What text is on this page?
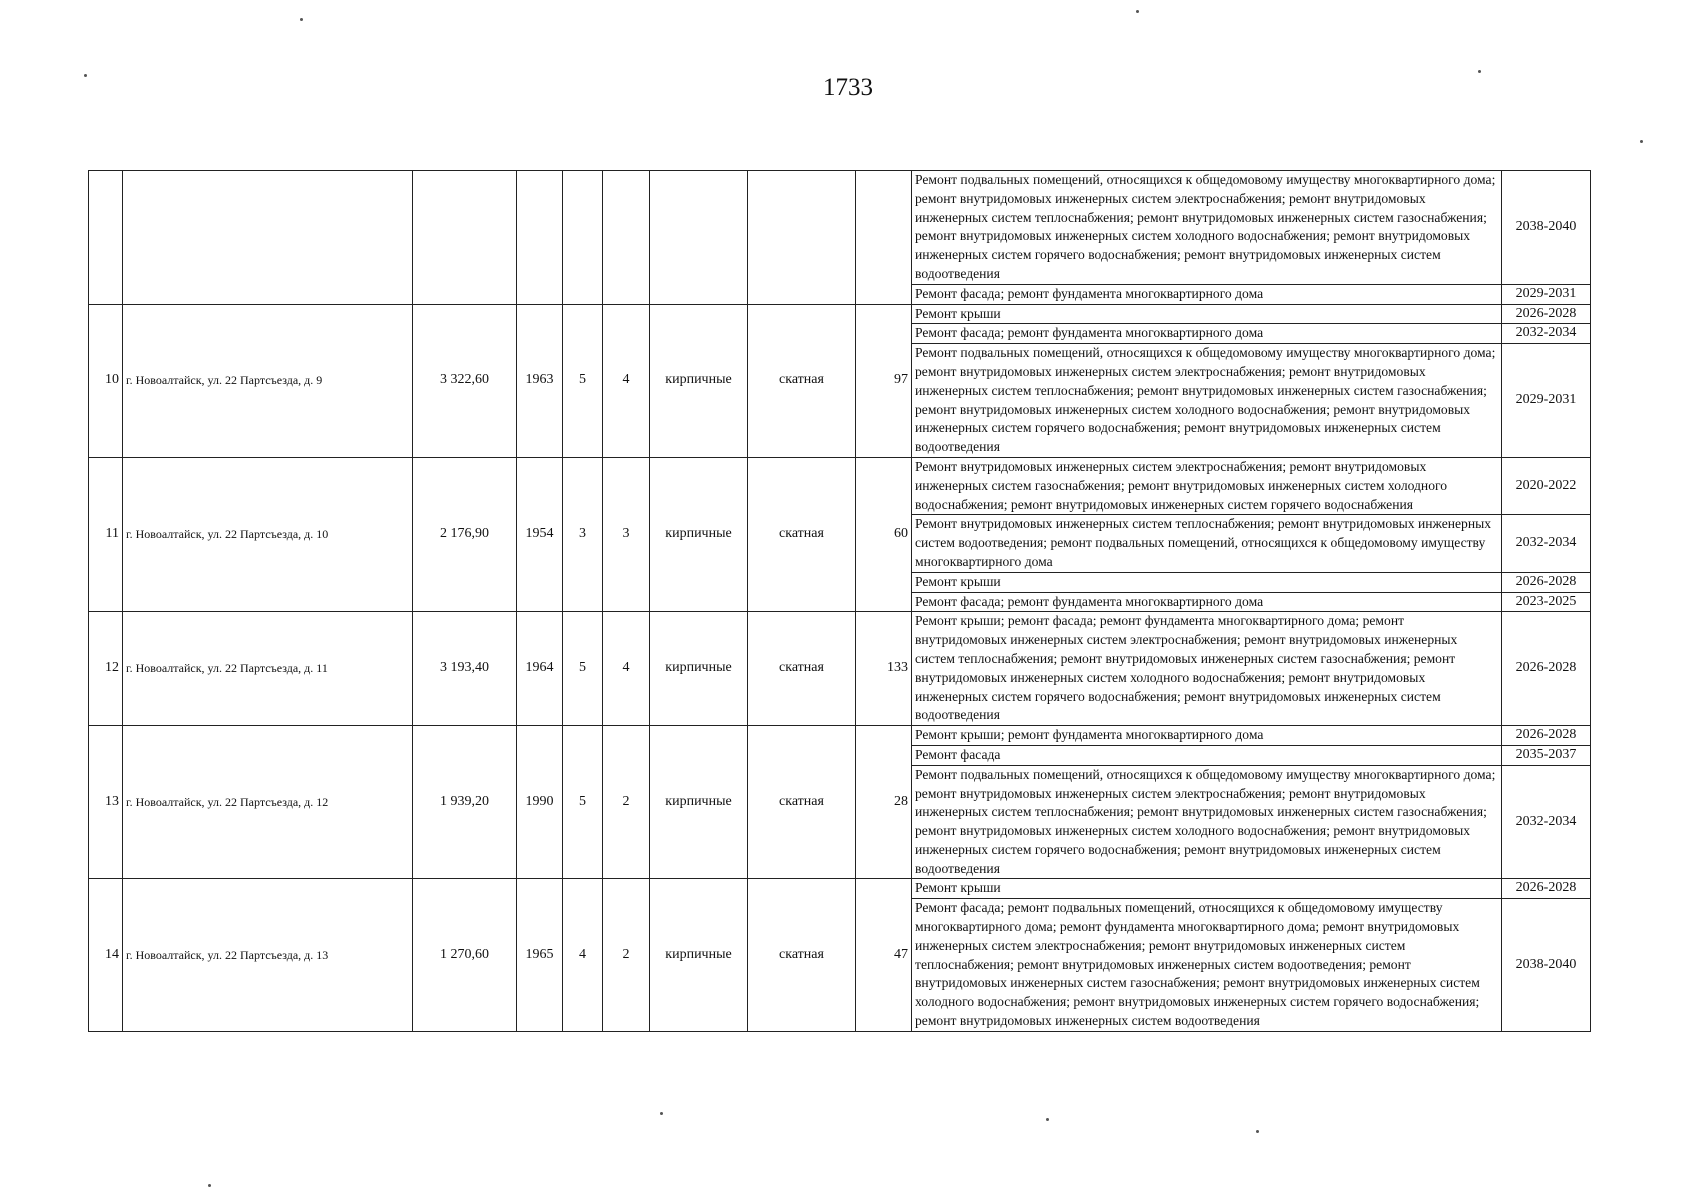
1733
									Ремонт подвальных помещений, относящихся к общедомовому имуществу многоквартирного дома; ремонт внутридомовых инженерных систем электроснабжения; ремонт внутридомовых инженерных систем теплоснабжения; ремонт внутридомовых инженерных систем газоснабжения; ремонт внутридомовых инженерных систем холодного водоснабжения; ремонт внутридомовых инженерных систем горячего водоснабжения; ремонт внутридомовых инженерных систем водоотведения	2038-2040
									Ремонт фасада; ремонт фундамента многоквартирного дома	2029-2031
10	г. Новоалтайск, ул. 22 Партсъезда, д. 9	3 322,60	1963	5	4	кирпичные	скатная	97	Ремонт крыши	2026-2028
									Ремонт фасада; ремонт фундамента многоквартирного дома	2032-2034
									Ремонт подвальных помещений, относящихся к общедомовому имуществу многоквартирного дома; ремонт внутридомовых инженерных систем электроснабжения; ремонт внутридомовых инженерных систем теплоснабжения; ремонт внутридомовых инженерных систем газоснабжения; ремонт внутридомовых инженерных систем холодного водоснабжения; ремонт внутридомовых инженерных систем горячего водоснабжения; ремонт внутридомовых инженерных систем водоотведения	2029-2031
11	г. Новоалтайск, ул. 22 Партсъезда, д. 10	2 176,90	1954	3	3	кирпичные	скатная	60	Ремонт внутридомовых инженерных систем электроснабжения; ремонт внутридомовых инженерных систем газоснабжения; ремонт внутридомовых инженерных систем холодного водоснабжения; ремонт внутридомовых инженерных систем горячего водоснабжения	2020-2022
									Ремонт внутридомовых инженерных систем теплоснабжения; ремонт внутридомовых инженерных систем водоотведения; ремонт подвальных помещений, относящихся к общедомовому имуществу многоквартирного дома	2032-2034
									Ремонт крыши	2026-2028
									Ремонт фасада; ремонт фундамента многоквартирного дома	2023-2025
12	г. Новоалтайск, ул. 22 Партсъезда, д. 11	3 193,40	1964	5	4	кирпичные	скатная	133	Ремонт крыши; ремонт фасада; ремонт фундамента многоквартирного дома; ремонт внутридомовых инженерных систем электроснабжения; ремонт внутридомовых инженерных систем теплоснабжения; ремонт внутридомовых инженерных систем газоснабжения; ремонт внутридомовых инженерных систем холодного водоснабжения; ремонт внутридомовых инженерных систем горячего водоснабжения; ремонт внутридомовых инженерных систем водоотведения	2026-2028
13	г. Новоалтайск, ул. 22 Партсъезда, д. 12	1 939,20	1990	5	2	кирпичные	скатная	28	Ремонт крыши; ремонт фундамента многоквартирного дома	2026-2028
									Ремонт фасада	2035-2037
									Ремонт подвальных помещений, относящихся к общедомовому имуществу многоквартирного дома; ремонт внутридомовых инженерных систем электроснабжения; ремонт внутридомовых инженерных систем теплоснабжения; ремонт внутридомовых инженерных систем газоснабжения; ремонт внутридомовых инженерных систем холодного водоснабжения; ремонт внутридомовых инженерных систем горячего водоснабжения; ремонт внутридомовых инженерных систем водоотведения	2032-2034
14	г. Новоалтайск, ул. 22 Партсъезда, д. 13	1 270,60	1965	4	2	кирпичные	скатная	47	Ремонт крыши	2026-2028
									Ремонт фасада; ремонт подвальных помещений, относящихся к общедомовому имуществу многоквартирного дома; ремонт фундамента многоквартирного дома; ремонт внутридомовых инженерных систем электроснабжения; ремонт внутридомовых инженерных систем теплоснабжения; ремонт внутридомовых инженерных систем водоотведения; ремонт внутридомовых инженерных систем газоснабжения; ремонт внутридомовых инженерных систем холодного водоснабжения; ремонт внутридомовых инженерных систем горячего водоснабжения; ремонт внутридомовых инженерных систем водоотведения	2038-2040
